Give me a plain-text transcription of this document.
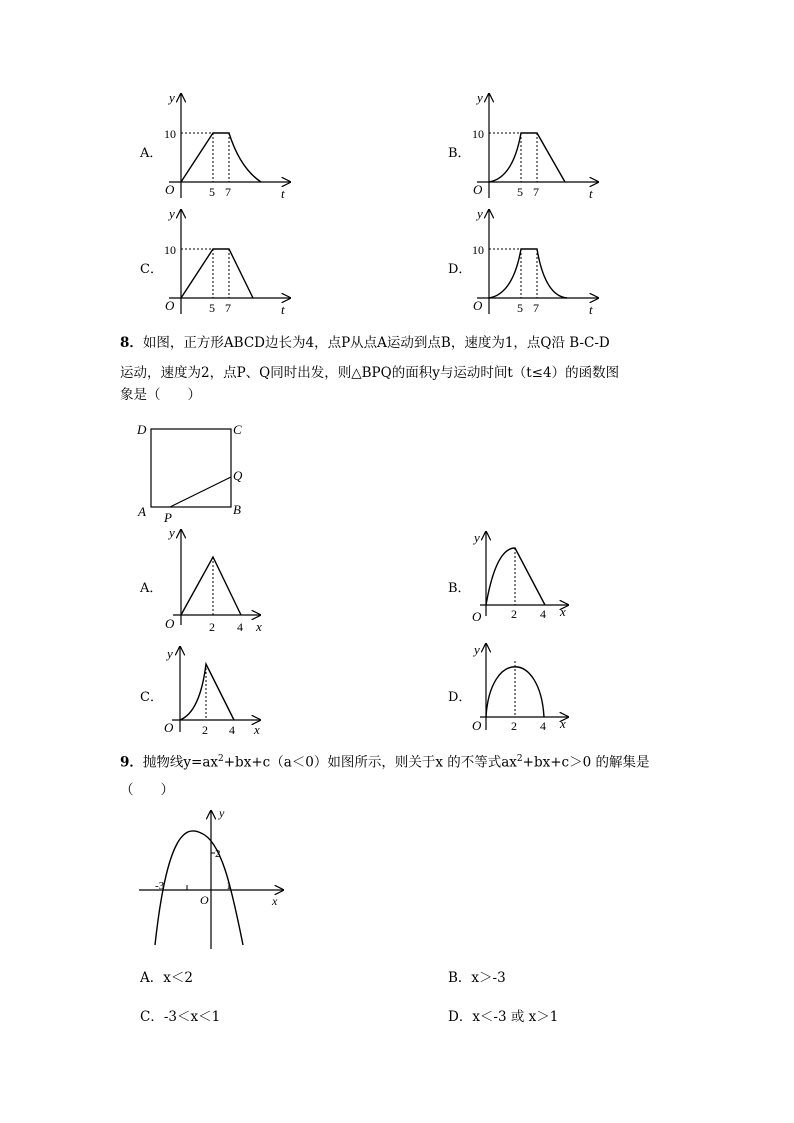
A．
y
t
O
10
5 7
B．
y
t
O
10
5 7
C．
y
t
O
10
5 7
D．
y
t
O
10
5 7
8．如图，正方形ABCD边长为4，点P从点A运动到点B，速度为1，点Q沿 B-C-D
运动，速度为2，点P、Q同时出发，则△BPQ的面积y与运动时间t（t≤4）的函数图
象是（　　）
D	C
Q
A P
B
A．
y
x
O	2 4
B．
y
x
O 2 4
C．
y
x
O 2 4
D．
y
x
O 2 4
9．抛物线$y=ax^2+bx+c(a<0)$如图所示，则关于x 的不等式$ax^2+bx+c>0$ 的解集是
（　　）
y
x
O
2
-3	1
A．x＜2	B．x＞-3
C．-3＜x＜1	D．x＜-3 或 x＞1
